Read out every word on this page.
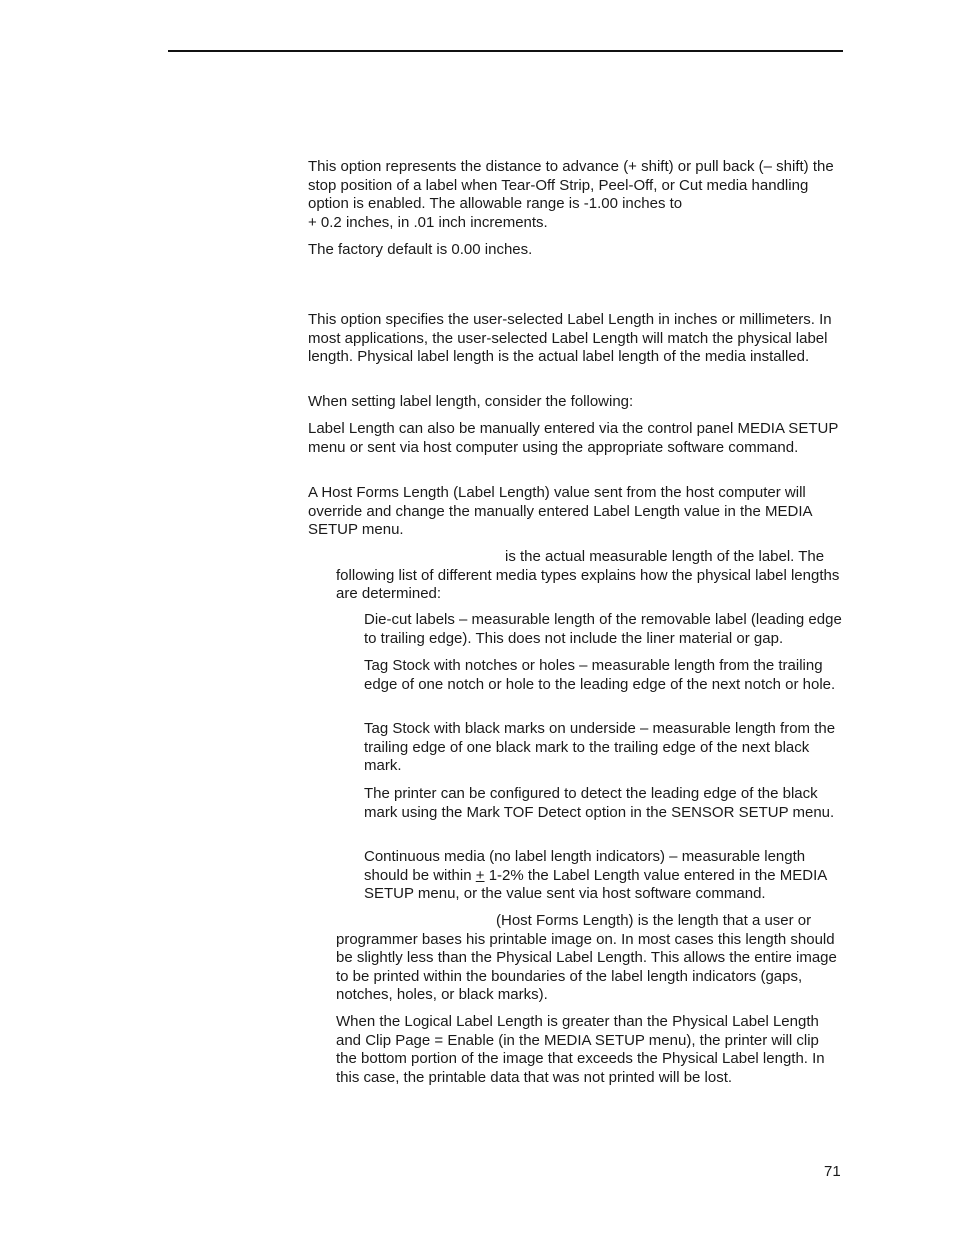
This option represents the distance to advance (+ shift) or pull back (– shift) the stop position of a label when Tear-Off Strip, Peel-Off, or Cut media handling option is enabled. The allowable range is -1.00 inches to
+ 0.2 inches, in .01 inch increments.

The factory default is 0.00 inches.

This option specifies the user-selected Label Length in inches or millimeters. In most applications, the user-selected Label Length will match the physical label length. Physical label length is the actual label length of the media installed.

When setting label length, consider the following:

Label Length can also be manually entered via the control panel MEDIA SETUP menu or sent via host computer using the appropriate software command.

A Host Forms Length (Label Length) value sent from the host computer will override and change the manually entered Label Length value in the MEDIA SETUP menu.

is the actual measurable length of the label. The following list of different media types explains how the physical label lengths are determined:

Die-cut labels – measurable length of the removable label (leading edge to trailing edge). This does not include the liner material or gap.

Tag Stock with notches or holes – measurable length from the trailing edge of one notch or hole to the leading edge of the next notch or hole.

Tag Stock with black marks on underside – measurable length from the trailing edge of one black mark to the trailing edge of the next black mark.

The printer can be configured to detect the leading edge of the black mark using the Mark TOF Detect option in the SENSOR SETUP menu.

Continuous media (no label length indicators) – measurable length should be within + 1-2% the Label Length value entered in the MEDIA SETUP menu, or the value sent via host software command.

(Host Forms Length) is the length that a user or programmer bases his printable image on. In most cases this length should be slightly less than the Physical Label Length. This allows the entire image to be printed within the boundaries of the label length indicators (gaps, notches, holes, or black marks).

When the Logical Label Length is greater than the Physical Label Length and Clip Page = Enable (in the MEDIA SETUP menu), the printer will clip the bottom portion of the image that exceeds the Physical Label length. In this case, the printable data that was not printed will be lost.

71
